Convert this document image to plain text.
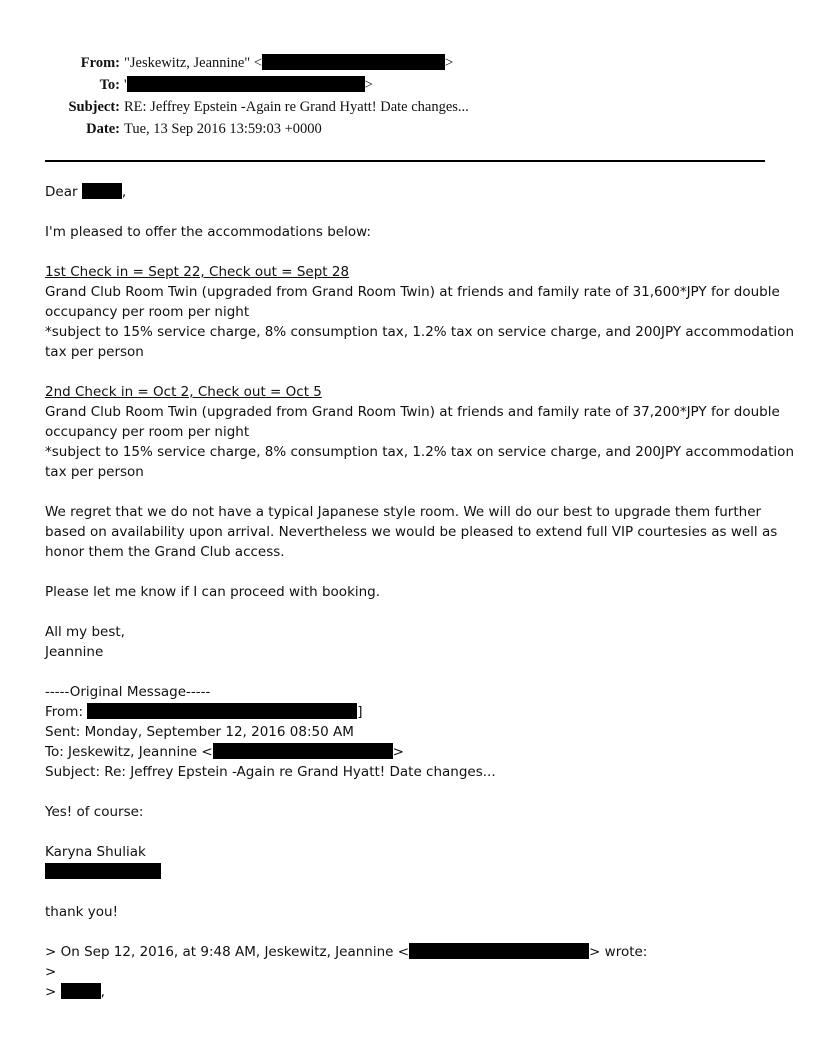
From: "Jeskewitz, Jeannine" <	>
To: '	>
Subject: RE: Jeffrey Epstein -Again re Grand Hyatt! Date changes...
Date: Tue, 13 Sep 2016 13:59:03 +0000
Dear	,
I'm pleased to offer the accommodations below:
1st Check in = Sept 22, Check out = Sept 28
Grand Club Room Twin (upgraded from Grand Room Twin) at friends and family rate of 31,600*JPY for double
occupancy per room per night
*subject to 15% service charge, 8% consumption tax, 1.2% tax on service charge, and 200JPY accommodation
tax per person
2nd Check in = Oct 2, Check out = Oct 5
Grand Club Room Twin (upgraded from Grand Room Twin) at friends and family rate of 37,200*JPY for double
occupancy per room per night
*subject to 15% service charge, 8% consumption tax, 1.2% tax on service charge, and 200JPY accommodation
tax per person
We regret that we do not have a typical Japanese style room. We will do our best to upgrade them further
based on availability upon arrival. Nevertheless we would be pleased to extend full VIP courtesies as well as
honor them the Grand Club access.
Please let me know if I can proceed with booking.
All my best,
Jeannine
-----Original Message-----
From:	]
Sent: Monday, September 12, 2016 08:50 AM
To: Jeskewitz, Jeannine <	>
Subject: Re: Jeffrey Epstein -Again re Grand Hyatt! Date changes...
Yes! of course:
Karyna Shuliak
thank you!
> On Sep 12, 2016, at 9:48 AM, Jeskewitz, Jeannine <	> wrote:
>
>	,
